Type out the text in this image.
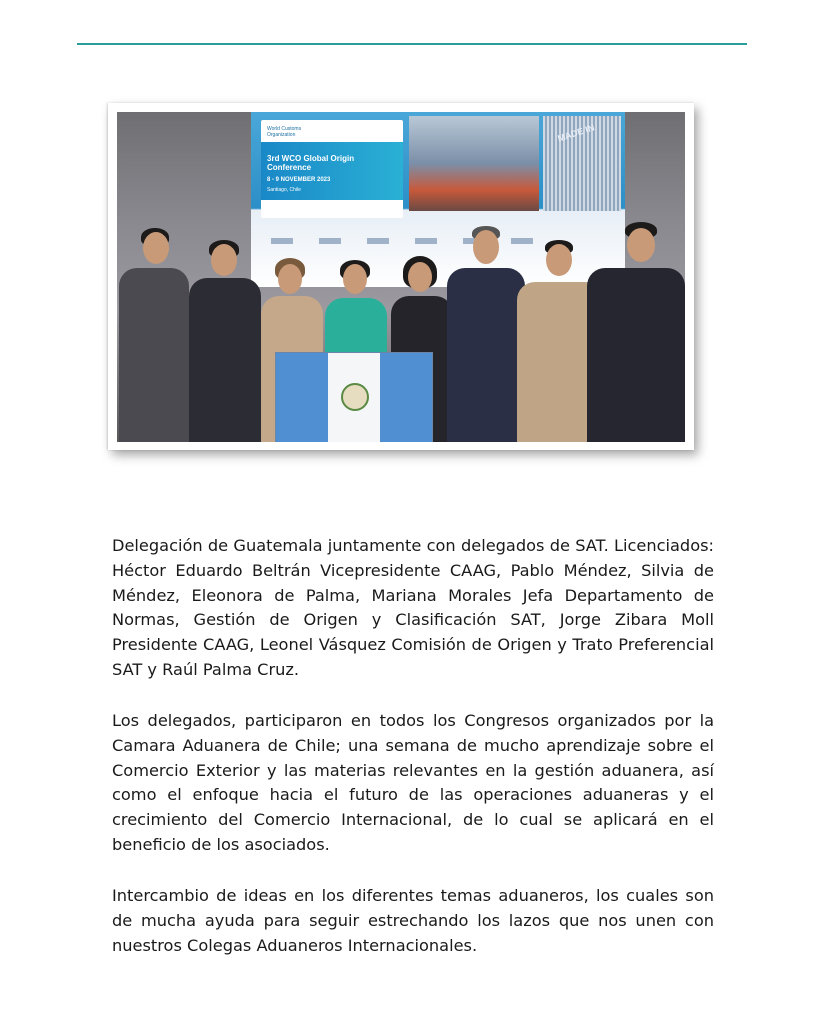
World Customs
Organization
3rd WCO Global Origin Conference
8 - 9 NOVEMBER 2023
Santiago, Chile
MADE IN

Delegación de Guatemala juntamente con delegados de SAT. Licenciados: Héctor Eduardo Beltrán Vicepresidente CAAG, Pablo Méndez, Silvia de Méndez, Eleonora de Palma, Mariana Morales Jefa Departamento de Normas, Gestión de Origen y Clasificación SAT, Jorge Zibara Moll Presidente CAAG, Leonel Vásquez Comisión de Origen y Trato Preferencial SAT y Raúl Palma Cruz.

Los delegados, participaron en todos los Congresos organizados por la Camara Aduanera de Chile; una semana de mucho aprendizaje sobre el Comercio Exterior y las materias relevantes en la gestión aduanera, así como el enfoque hacia el futuro de las operaciones aduaneras y el crecimiento del Comercio Internacional, de lo cual se aplicará en el beneficio de los asociados.

Intercambio de ideas en los diferentes temas aduaneros, los cuales son de mucha ayuda para seguir estrechando los lazos que nos unen con nuestros Colegas Aduaneros Internacionales.
